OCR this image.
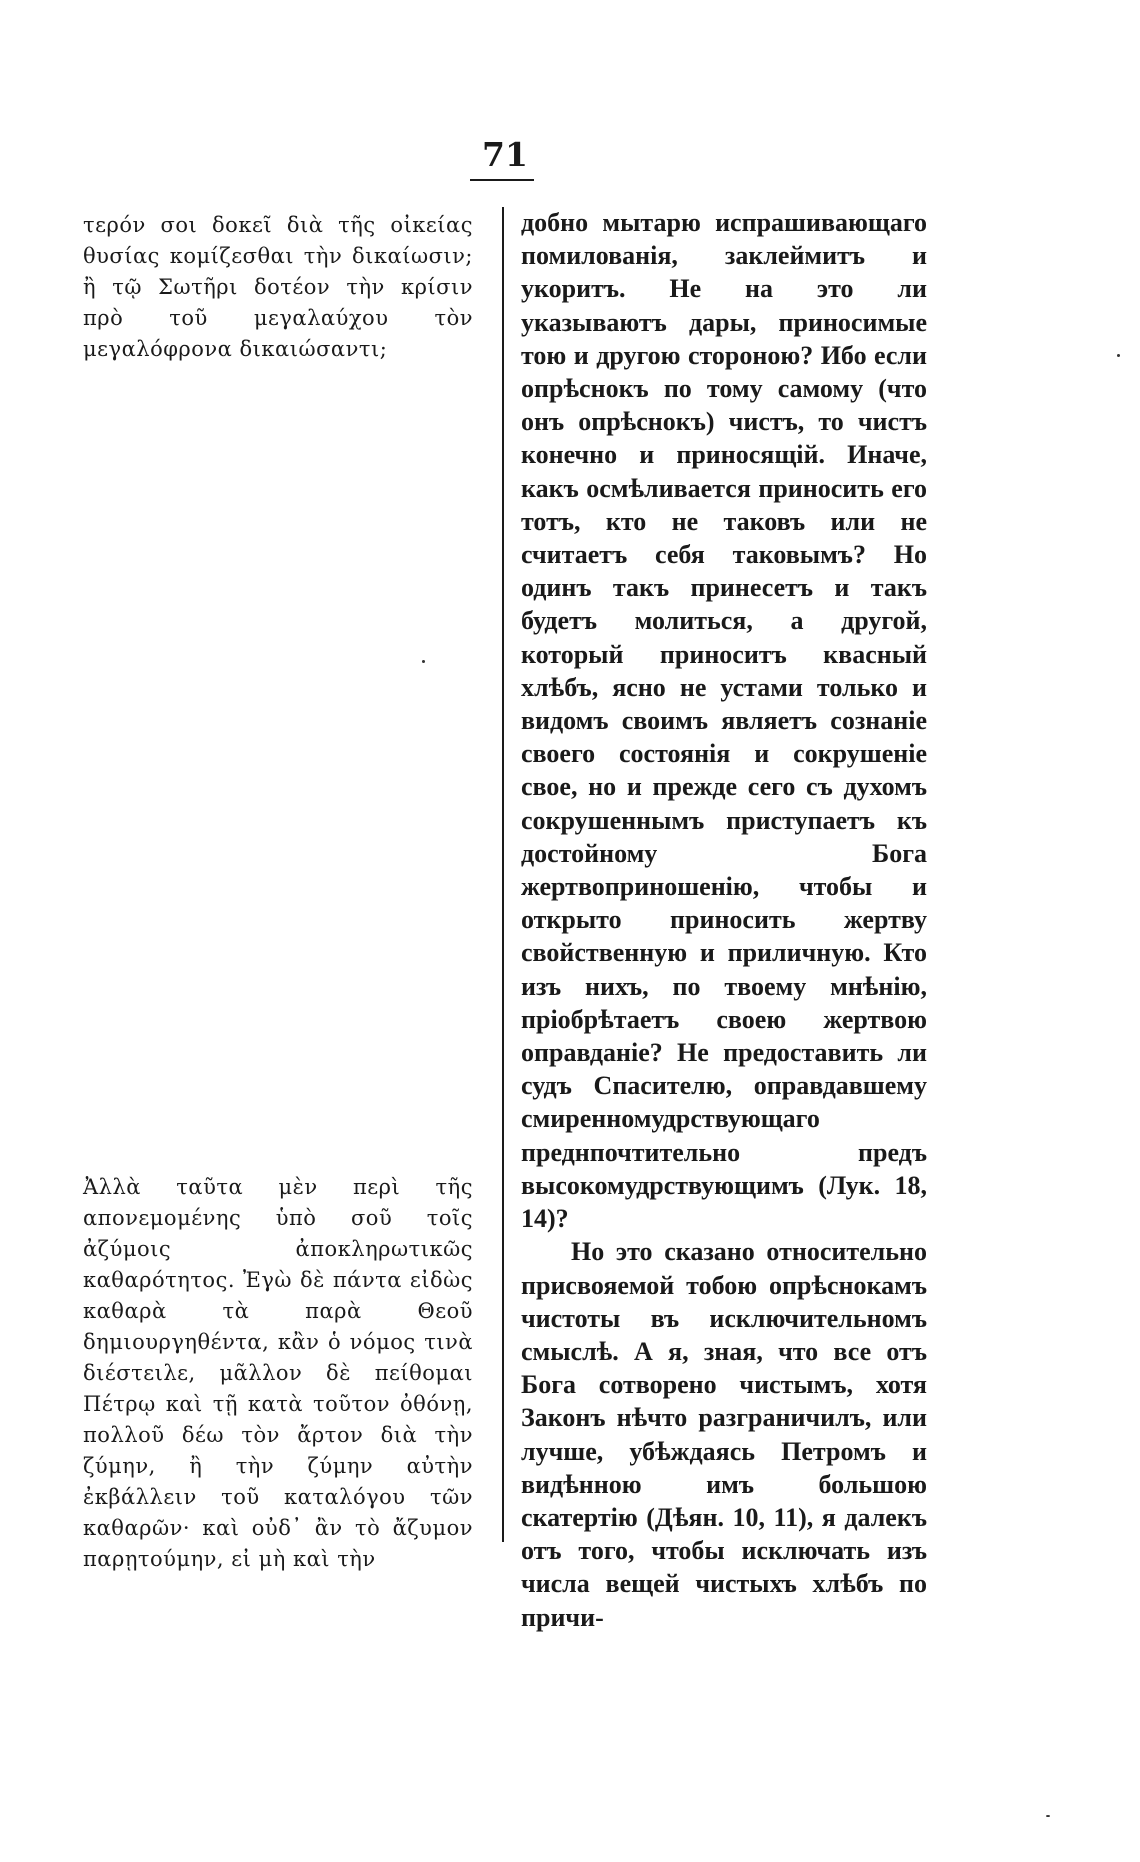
71

τερόν σοι δοκεῖ διὰ τῆς οἰκείας θυσίας κομίζεσθαι τὴν δικαίωσιν; ἢ τῷ Σωτῆρι δοτέον τὴν κρίσιν πρὸ τοῦ μεγαλαύχου τὸν μεγαλόφρονα δικαιώσαντι;

Ἀλλὰ ταῦτα μὲν περὶ τῆς απονεμομένης ὑπὸ σοῦ τοῖς ἀζύμοις ἀποκληρωτικῶς καθαρότητος. Ἐγὼ δὲ πάντα εἰδὼς καθαρὰ τὰ παρὰ Θεοῦ δημιουργηθέντα, κἂν ὁ νόμος τινὰ διέστειλε, μᾶλλον δὲ πείθομαι Πέτρῳ καὶ τῇ κατὰ τοῦτον ὀθόνῃ, πολλοῦ δέω τὸν ἄρτον διὰ τὴν ζύμην, ἢ τὴν ζύμην αὐτὴν ἐκβάλλειν τοῦ καταλόγου τῶν καθαρῶν· καὶ οὐδ᾽ ἂν τὸ ἄζυμον παρῃτούμην, εἰ μὴ καὶ τὴν

добно мытарю испрашивающаго помилованія, заклеймитъ и укоритъ. Не на это ли указываютъ дары, приносимые тою и другою стороною? Ибо если опрѣснокъ по тому самому (что онъ опрѣснокъ) чистъ, то чистъ конечно и приносящій. Иначе, какъ осмѣливается приносить его тотъ, кто не таковъ или не считаетъ себя таковымъ? Но одинъ такъ принесетъ и такъ будетъ молиться, а другой, который приноситъ квасный хлѣбъ, ясно не устами только и видомъ своимъ являетъ сознаніе своего состоянія и сокрушеніе свое, но и прежде сего съ духомъ сокрушеннымъ приступаетъ къ достойному Бога жертвоприношенію, чтобы и открыто приносить жертву свойственную и приличную. Кто изъ нихъ, по твоему мнѣнію, пріобрѣтаетъ своею жертвою оправданіе? Не предоставить ли судъ Спасителю, оправдавшему смиренномудрствующаго преднпочтительно предъ высокомудрствующимъ (Лук. 18, 14)?

Но это сказано относительно присвояемой тобою опрѣснокамъ чистоты въ исключительномъ смыслѣ. А я, зная, что все отъ Бога сотворено чистымъ, хотя Законъ нѣчто разграничилъ, или лучше, убѣждаясь Петромъ и видѣнною имъ большою скатертію (Дѣян. 10, 11), я далекъ отъ того, чтобы исключать изъ числа вещей чистыхъ хлѣбъ по причи-
